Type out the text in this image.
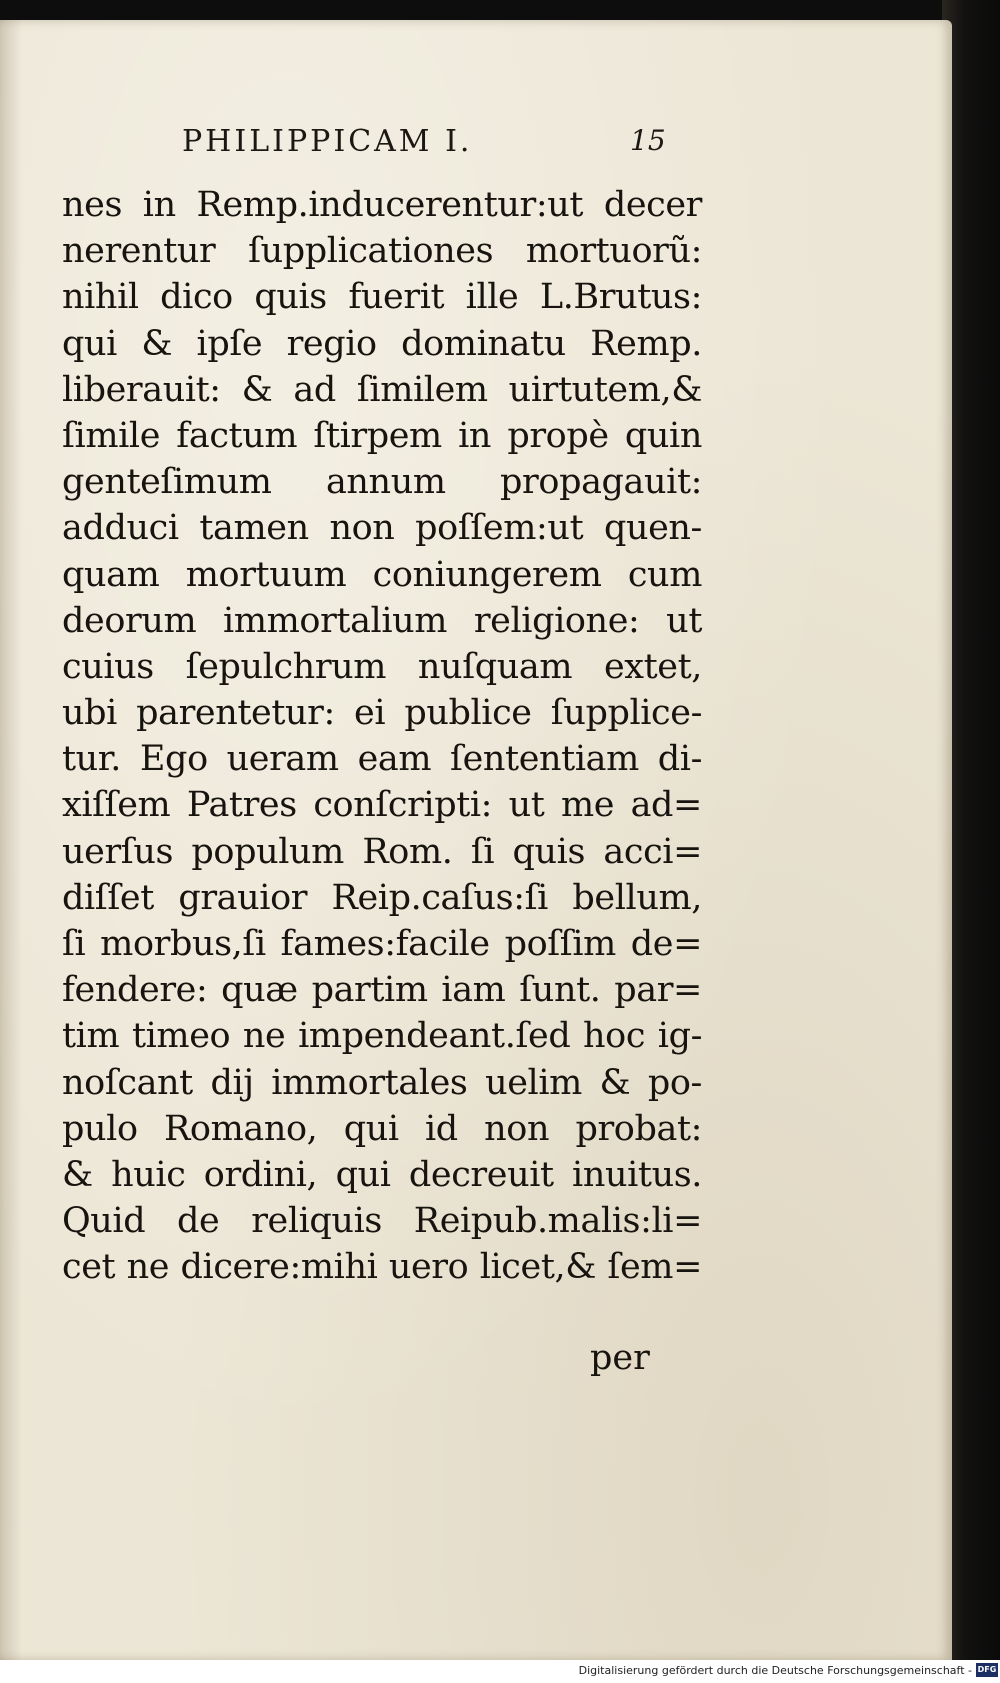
PHILIPPICAM I.	15
nes in Remp.inducerentur:ut decer
nerentur ſupplicationes mortuorũ:
nihil dico quis fuerit ille L.Brutus:
qui & ipſe regio dominatu Remp.
liberauit: & ad ſimilem uirtutem,&
ſimile factum ſtirpem in propè quin
genteſimum annum propagauit:
adduci tamen non poſſem:ut quen-
quam mortuum coniungerem cum
deorum immortalium religione: ut
cuius ſepulchrum nuſquam extet,
ubi parentetur: ei publice ſupplice-
tur. Ego ueram eam ſententiam di-
xiſſem Patres conſcripti: ut me ad=
uerſus populum Rom. ſi quis acci=
diſſet grauior Reip.caſus:ſi bellum,
ſi morbus,ſi fames:facile poſſim de=
fendere: quæ partim iam ſunt. par=
tim timeo ne impendeant.ſed hoc ig-
noſcant dij immortales uelim & po-
pulo Romano, qui id non probat:
& huic ordini, qui decreuit inuitus.
Quid de reliquis Reipub.malis:li=
cet ne dicere:mihi uero licet,& ſem=
per
Digitalisierung gefördert durch die Deutsche Forschungsgemeinschaft - DFG
